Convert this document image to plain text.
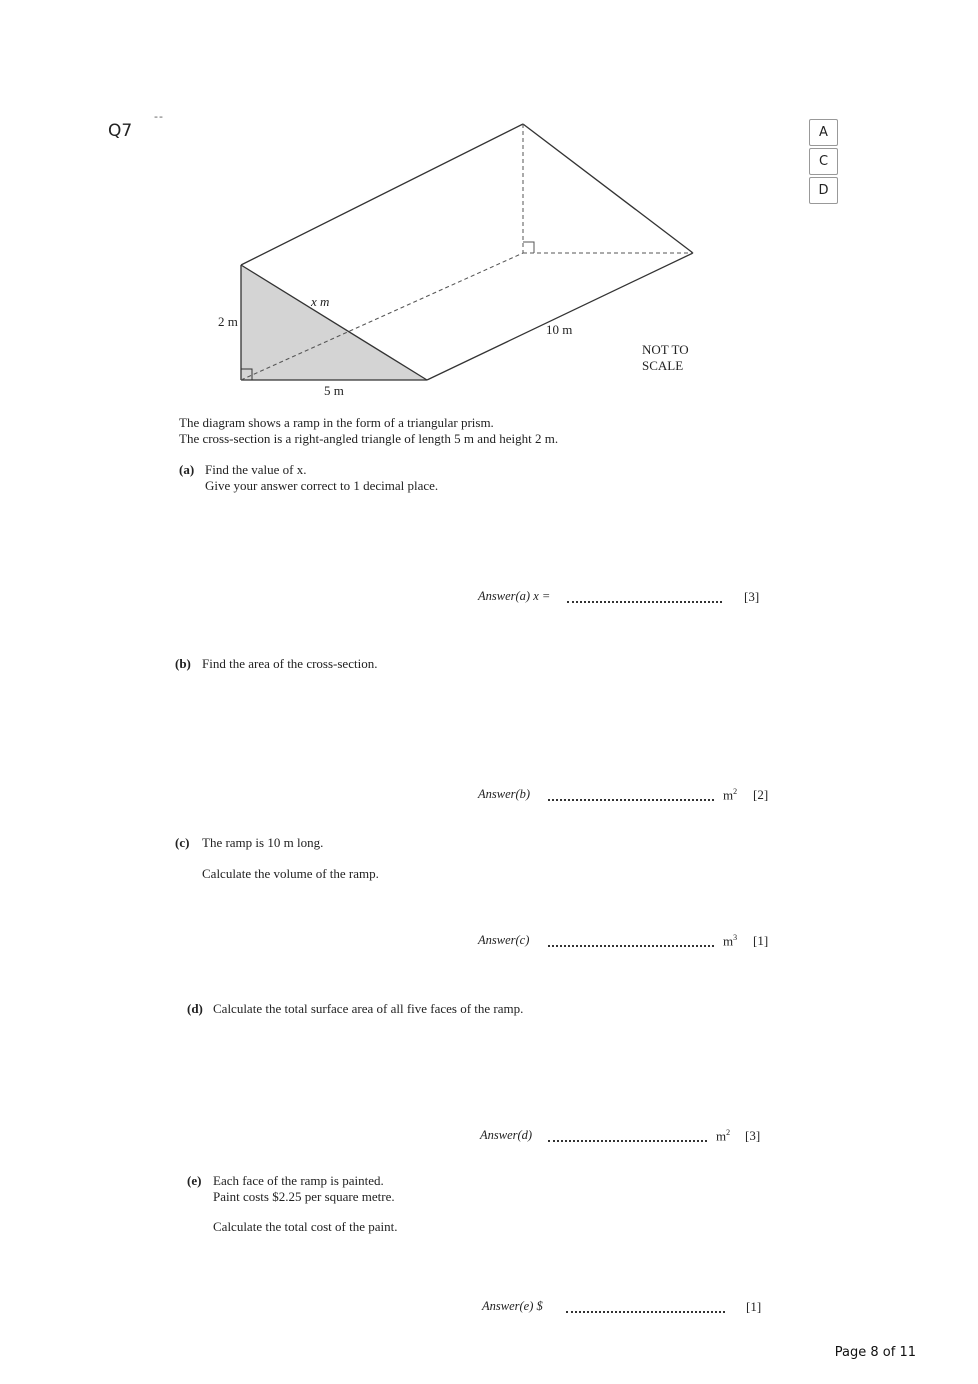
Q7
--
A
C
D
x m
2 m
5 m
10 m
NOT TO
SCALE
The diagram shows a ramp in the form of a triangular prism.
The cross-section is a right-angled triangle of length 5 m and height 2 m.
(a) Find the value of x.
Give your answer correct to 1 decimal place.
Answer(a) x =	[3]
(b) Find the area of the cross-section.
Answer(b)	$m^2$ [2]
(c) The ramp is 10 m long.
Calculate the volume of the ramp.
Answer(c)	$m^3$ [1]
(d) Calculate the total surface area of all five faces of the ramp.
Answer(d)	$m^2$ [3]
(e) Each face of the ramp is painted.
Paint costs $2.25 per square metre.
Calculate the total cost of the paint.
Answer(e) $	[1]
Page 8 of 11
